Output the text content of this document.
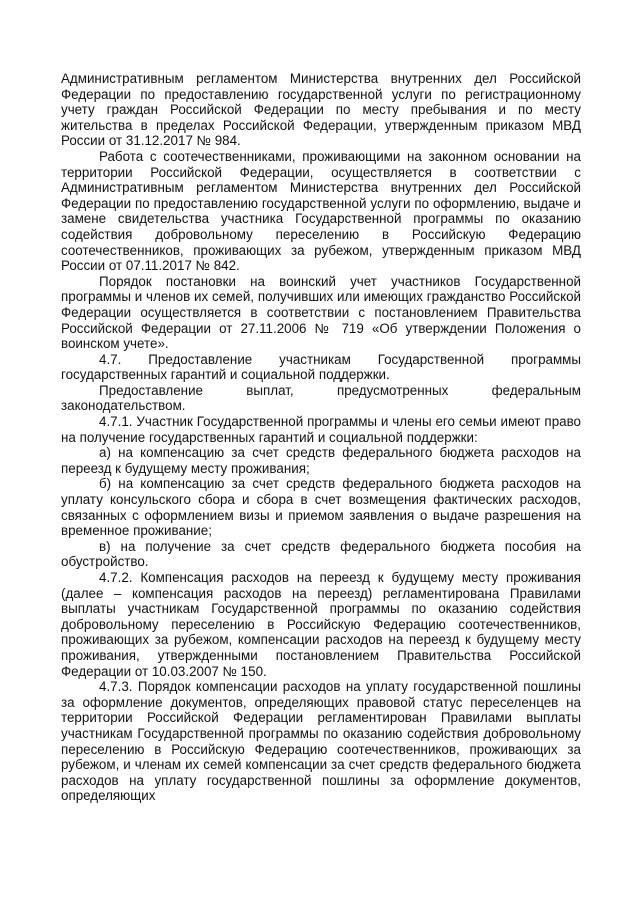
Административным регламентом Министерства внутренних дел Российской Федерации по предоставлению государственной услуги по регистрационному учету граждан Российской Федерации по месту пребывания и по месту жительства в пределах Российской Федерации, утвержденным приказом МВД России от 31.12.2017 № 984.

Работа с соотечественниками, проживающими на законном основании на территории Российской Федерации, осуществляется в соответствии с Административным регламентом Министерства внутренних дел Российской Федерации по предоставлению государственной услуги по оформлению, выдаче и замене свидетельства участника Государственной программы по оказанию содействия добровольному переселению в Российскую Федерацию соотечественников, проживающих за рубежом, утвержденным приказом МВД России от 07.11.2017 № 842.

Порядок постановки на воинский учет участников Государственной программы и членов их семей, получивших или имеющих гражданство Российской Федерации осуществляется в соответствии с постановлением Правительства Российской Федерации от 27.11.2006 № 719 «Об утверждении Положения о воинском учете».

4.7. Предоставление участникам Государственной программы государственных гарантий и социальной поддержки.

Предоставление выплат, предусмотренных федеральным законодательством.

4.7.1. Участник Государственной программы и члены его семьи имеют право на получение государственных гарантий и социальной поддержки:

а) на компенсацию за счет средств федерального бюджета расходов на переезд к будущему месту проживания;

б) на компенсацию за счет средств федерального бюджета расходов на уплату консульского сбора и сбора в счет возмещения фактических расходов, связанных с оформлением визы и приемом заявления о выдаче разрешения на временное проживание;

в) на получение за счет средств федерального бюджета пособия на обустройство.

4.7.2. Компенсация расходов на переезд к будущему месту проживания (далее – компенсация расходов на переезд) регламентирована Правилами выплаты участникам Государственной программы по оказанию содействия добровольному переселению в Российскую Федерацию соотечественников, проживающих за рубежом, компенсации расходов на переезд к будущему месту проживания, утвержденными постановлением Правительства Российской Федерации от 10.03.2007 № 150.

4.7.3. Порядок компенсации расходов на уплату государственной пошлины за оформление документов, определяющих правовой статус переселенцев на территории Российской Федерации регламентирован Правилами выплаты участникам Государственной программы по оказанию содействия добровольному переселению в Российскую Федерацию соотечественников, проживающих за рубежом, и членам их семей компенсации за счет средств федерального бюджета расходов на уплату государственной пошлины за оформление документов, определяющих
